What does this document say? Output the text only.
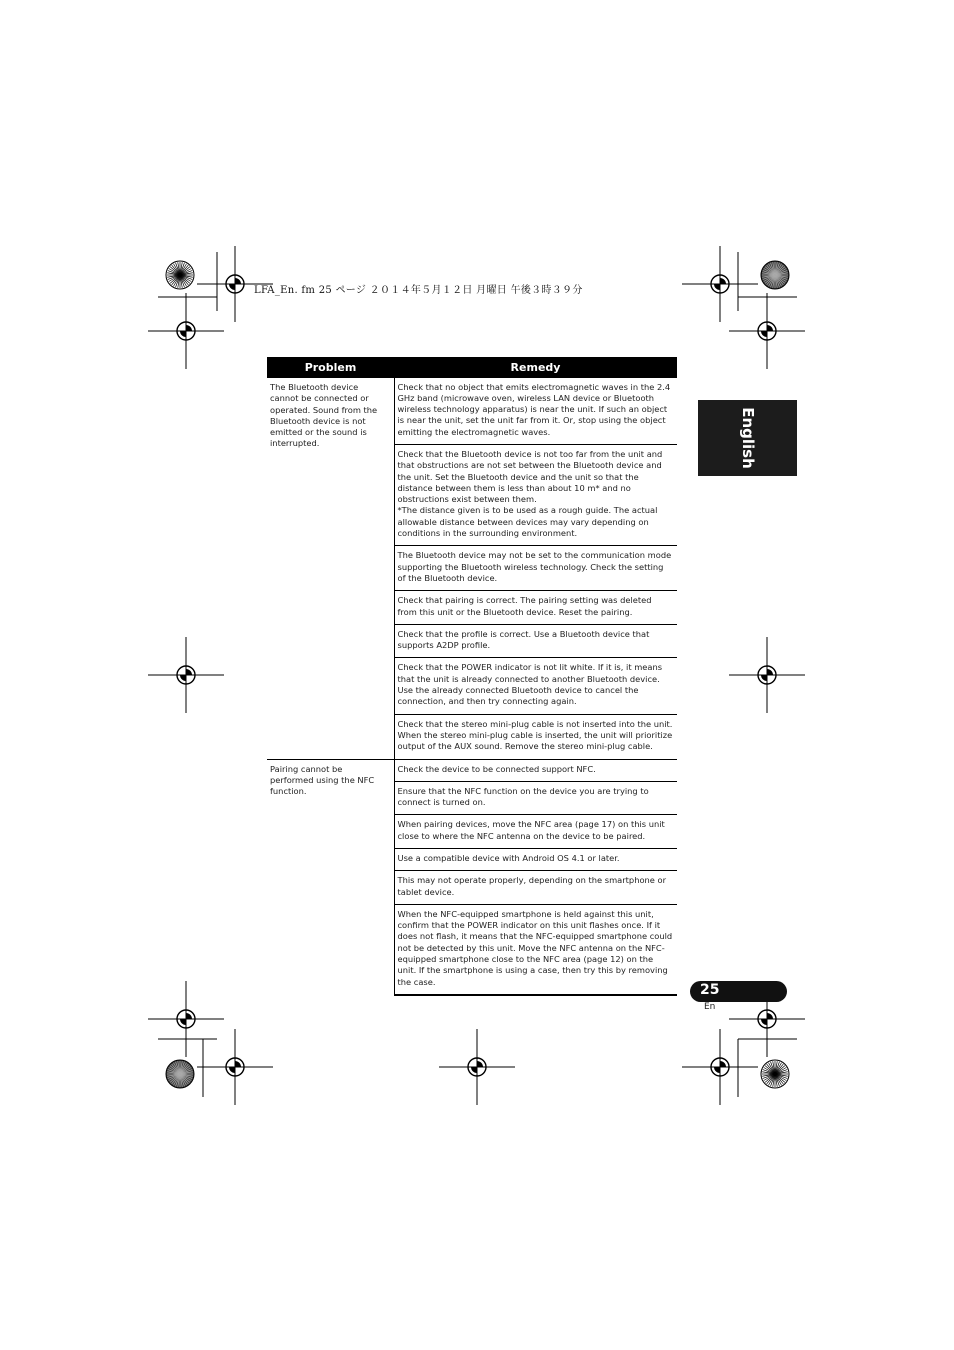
LFA_En. fm 25 ページ ２０１４年５月１２日 月曜日 午後３時３９分
English
Problem	Remedy
The Bluetooth device cannot be connected or operated. Sound from the Bluetooth device is not emitted or the sound is interrupted.	Check that no object that emits electromagnetic waves in the 2.4 GHz band (microwave oven, wireless LAN device or Bluetooth wireless technology apparatus) is near the unit. If such an object is near the unit, set the unit far from it. Or, stop using the object emitting the electromagnetic waves.
	Check that the Bluetooth device is not too far from the unit and that obstructions are not set between the Bluetooth device and the unit. Set the Bluetooth device and the unit so that the distance between them is less than about 10 m* and no obstructions exist between them.
*The distance given is to be used as a rough guide. The actual allowable distance between devices may vary depending on conditions in the surrounding environment.
	The Bluetooth device may not be set to the communication mode supporting the Bluetooth wireless technology. Check the setting of the Bluetooth device.
	Check that pairing is correct. The pairing setting was deleted from this unit or the Bluetooth device. Reset the pairing.
	Check that the profile is correct. Use a Bluetooth device that supports A2DP profile.
	Check that the POWER indicator is not lit white. If it is, it means that the unit is already connected to another Bluetooth device. Use the already connected Bluetooth device to cancel the connection, and then try connecting again.
	Check that the stereo mini-plug cable is not inserted into the unit. When the stereo mini-plug cable is inserted, the unit will prioritize output of the AUX sound. Remove the stereo mini-plug cable.
Pairing cannot be performed using the NFC function.	Check the device to be connected support NFC.
	Ensure that the NFC function on the device you are trying to connect is turned on.
	When pairing devices, move the NFC area (page 17) on this unit close to where the NFC antenna on the device to be paired.
	Use a compatible device with Android OS 4.1 or later.
	This may not operate properly, depending on the smartphone or tablet device.
	When the NFC-equipped smartphone is held against this unit, confirm that the POWER indicator on this unit flashes once. If it does not flash, it means that the NFC-equipped smartphone could not be detected by this unit. Move the NFC antenna on the NFC-equipped smartphone close to the NFC area (page 12) on the unit. If the smartphone is using a case, then try this by removing the case.
25
En
